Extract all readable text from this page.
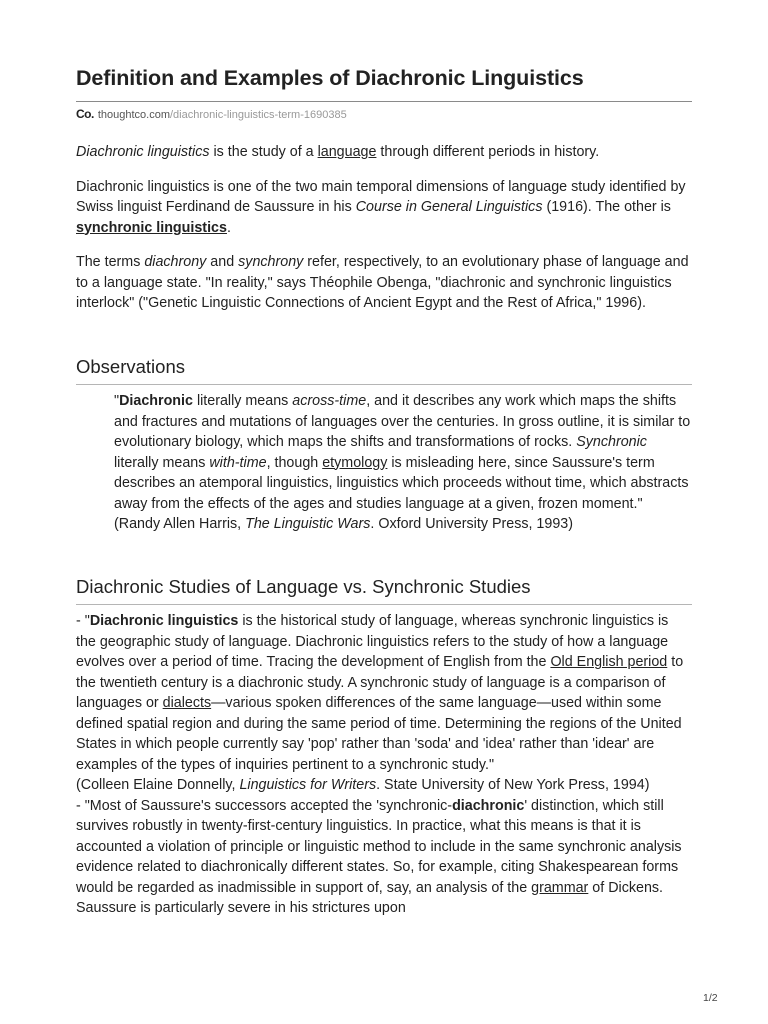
Definition and Examples of Diachronic Linguistics
Co. thoughtco.com/diachronic-linguistics-term-1690385

Diachronic linguistics is the study of a language through different periods in history.

Diachronic linguistics is one of the two main temporal dimensions of language study identified by Swiss linguist Ferdinand de Saussure in his Course in General Linguistics (1916). The other is synchronic linguistics.

The terms diachrony and synchrony refer, respectively, to an evolutionary phase of language and to a language state. "In reality," says Théophile Obenga, "diachronic and synchronic linguistics interlock" ("Genetic Linguistic Connections of Ancient Egypt and the Rest of Africa," 1996).

Observations

"Diachronic literally means across-time, and it describes any work which maps the shifts and fractures and mutations of languages over the centuries. In gross outline, it is similar to evolutionary biology, which maps the shifts and transformations of rocks. Synchronic literally means with-time, though etymology is misleading here, since Saussure's term describes an atemporal linguistics, linguistics which proceeds without time, which abstracts away from the effects of the ages and studies language at a given, frozen moment."

(Randy Allen Harris, The Linguistic Wars. Oxford University Press, 1993)

Diachronic Studies of Language vs. Synchronic Studies

- "Diachronic linguistics is the historical study of language, whereas synchronic linguistics is the geographic study of language. Diachronic linguistics refers to the study of how a language evolves over a period of time. Tracing the development of English from the Old English period to the twentieth century is a diachronic study. A synchronic study of language is a comparison of languages or dialects—various spoken differences of the same language—used within some defined spatial region and during the same period of time. Determining the regions of the United States in which people currently say 'pop' rather than 'soda' and 'idea' rather than 'idear' are examples of the types of inquiries pertinent to a synchronic study."

(Colleen Elaine Donnelly, Linguistics for Writers. State University of New York Press, 1994)

- "Most of Saussure's successors accepted the 'synchronic-diachronic' distinction, which still survives robustly in twenty-first-century linguistics. In practice, what this means is that it is accounted a violation of principle or linguistic method to include in the same synchronic analysis evidence related to diachronically different states. So, for example, citing Shakespearean forms would be regarded as inadmissible in support of, say, an analysis of the grammar of Dickens. Saussure is particularly severe in his strictures upon

1/2
